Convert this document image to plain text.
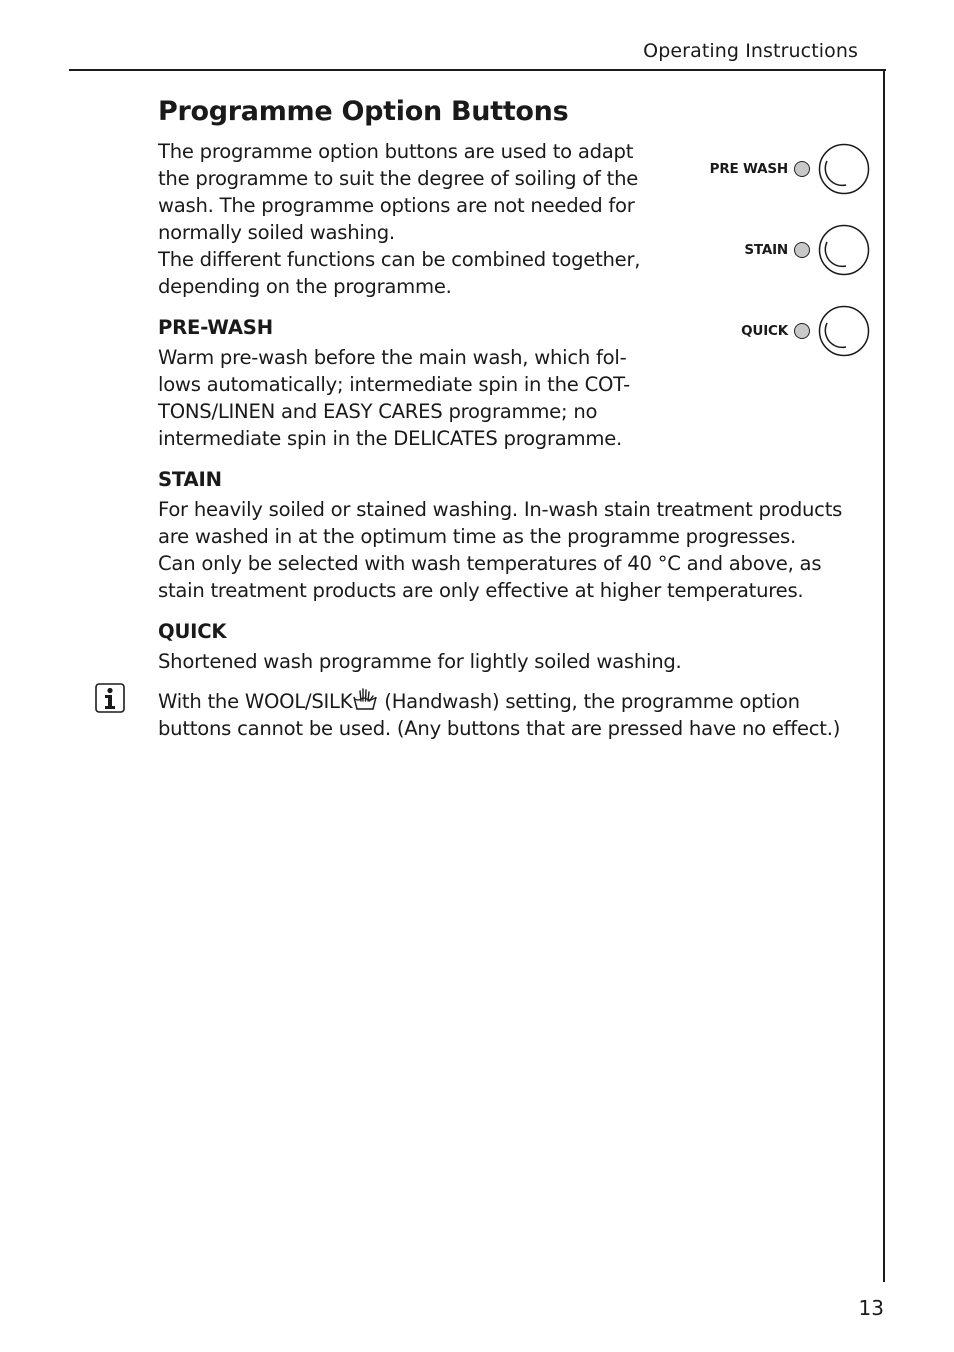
Operating Instructions
Programme Option Buttons

The programme option buttons are used to adapt the programme to suit the degree of soiling of the wash. The programme options are not needed for normally soiled washing.

The different functions can be combined together, depending on the programme.

PRE-WASH

Warm pre-wash before the main wash, which fol-lows automatically; intermediate spin in the COT-TONS/LINEN and EASY CARES programme; no intermediate spin in the DELICATES programme.

STAIN

For heavily soiled or stained washing. In-wash stain treatment products are washed in at the optimum time as the programme progresses.

Can only be selected with wash temperatures of 40 °C and above, as stain treatment products are only effective at higher temperatures.

QUICK

Shortened wash programme for lightly soiled washing.

With the WOOL/SILK (Handwash) setting, the programme option buttons cannot be used. (Any buttons that are pressed have no effect.)

PRE WASH
STAIN
QUICK
13
